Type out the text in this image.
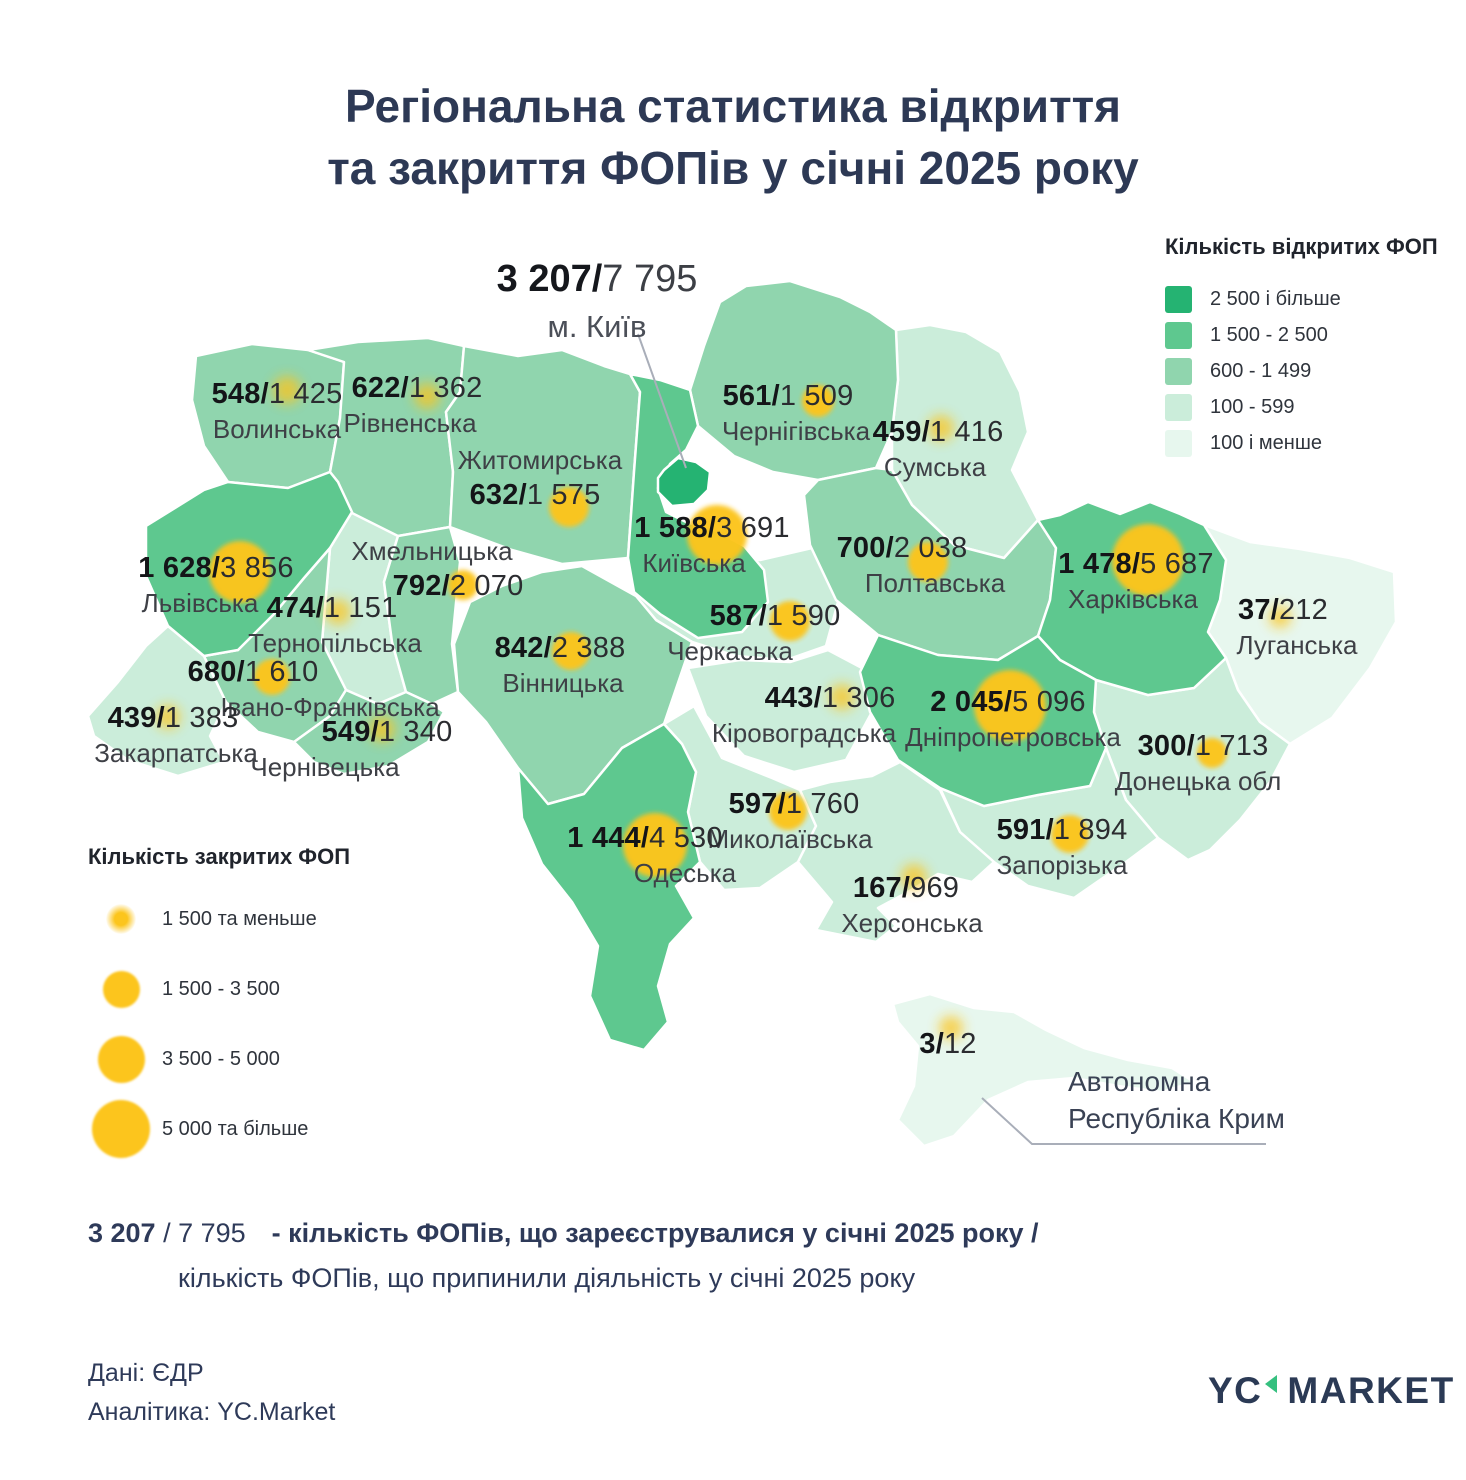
Регіональна статистика відкриття
та закриття ФОПів у січні 2025 року
548/1 425
Волинська
622/1 362
Рівненська
Житомирська
632/1 575
561/1 509
Чернігівська 459/1 416
Сумська
1 588/3 691
Київська	700/2 038
Полтавська
1 478/5 687
Харківська	37/212
Луганська
1 628/3 856
Львівська 474/1 151
Тернопільська
Хмельницька
792/2 070
842/2 388
Вінницька
587/1 590
Черкаська
443/1 306
Кіровоградська
680/1 610
Івано-Франківська
439/1 383
Закарпатська
549/1 340
Чернівецька
2 045/5 096
Дніпропетровська 300/1 713
Донецька обл
591/1 894
Запорізька
597/1 760
Миколаївська
1 444/4 530
Одеська	167/969
Херсонська
3/12
3 207/7 795
м. Київ
Автономна
Республіка Крим
Кількість відкритих ФОП
2 500 і більше
1 500 - 2 500
600 - 1 499
100 - 599
100 і менше
Кількість закритих ФОП
1 500 та меньше
1 500 - 3 500
3 500 - 5 000
5 000 та більше
3 207 / 7 795 - кількість ФОПів, що зареєструвалися у січні 2025 року /
кількість ФОПів, що припинили діяльність у січні 2025 року
Дані: ЄДР
Аналітика: YC.Market
YC MARKET
